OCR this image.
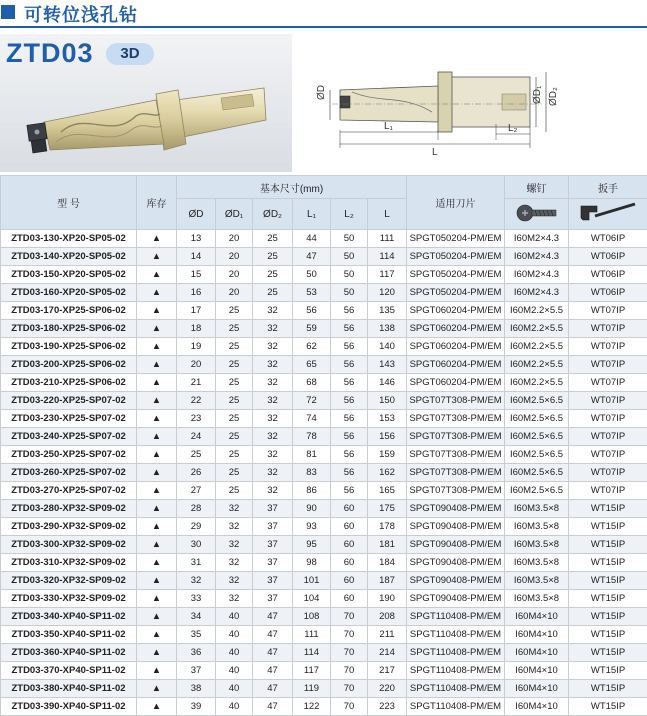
可转位浅孔钻
ZTD03	3D
ØD	ØD₁ ØD₂
L₁	L₂
L
型 号	库存	基本尺寸(mm)						适用刀片	螺钉	扳手
		ØD	ØD₁	ØD₂	L₁	L₂	L		
ZTD03-130-XP20-SP05-02	▲	13	20	25	44	50	111	SPGT050204-PM/EM	I60M2×4.3	WT06IP
ZTD03-140-XP20-SP05-02	▲	14	20	25	47	50	114	SPGT050204-PM/EM	I60M2×4.3	WT06IP
ZTD03-150-XP20-SP05-02	▲	15	20	25	50	50	117	SPGT050204-PM/EM	I60M2×4.3	WT06IP
ZTD03-160-XP20-SP05-02	▲	16	20	25	53	50	120	SPGT050204-PM/EM	I60M2×4.3	WT06IP
ZTD03-170-XP25-SP06-02	▲	17	25	32	56	56	135	SPGT060204-PM/EM	I60M2.2×5.5	WT07IP
ZTD03-180-XP25-SP06-02	▲	18	25	32	59	56	138	SPGT060204-PM/EM	I60M2.2×5.5	WT07IP
ZTD03-190-XP25-SP06-02	▲	19	25	32	62	56	140	SPGT060204-PM/EM	I60M2.2×5.5	WT07IP
ZTD03-200-XP25-SP06-02	▲	20	25	32	65	56	143	SPGT060204-PM/EM	I60M2.2×5.5	WT07IP
ZTD03-210-XP25-SP06-02	▲	21	25	32	68	56	146	SPGT060204-PM/EM	I60M2.2×5.5	WT07IP
ZTD03-220-XP25-SP07-02	▲	22	25	32	72	56	150	SPGT07T308-PM/EM	I60M2.5×6.5	WT07IP
ZTD03-230-XP25-SP07-02	▲	23	25	32	74	56	153	SPGT07T308-PM/EM	I60M2.5×6.5	WT07IP
ZTD03-240-XP25-SP07-02	▲	24	25	32	78	56	156	SPGT07T308-PM/EM	I60M2.5×6.5	WT07IP
ZTD03-250-XP25-SP07-02	▲	25	25	32	81	56	159	SPGT07T308-PM/EM	I60M2.5×6.5	WT07IP
ZTD03-260-XP25-SP07-02	▲	26	25	32	83	56	162	SPGT07T308-PM/EM	I60M2.5×6.5	WT07IP
ZTD03-270-XP25-SP07-02	▲	27	25	32	86	56	165	SPGT07T308-PM/EM	I60M2.5×6.5	WT07IP
ZTD03-280-XP32-SP09-02	▲	28	32	37	90	60	175	SPGT090408-PM/EM	I60M3.5×8	WT15IP
ZTD03-290-XP32-SP09-02	▲	29	32	37	93	60	178	SPGT090408-PM/EM	I60M3.5×8	WT15IP
ZTD03-300-XP32-SP09-02	▲	30	32	37	95	60	181	SPGT090408-PM/EM	I60M3.5×8	WT15IP
ZTD03-310-XP32-SP09-02	▲	31	32	37	98	60	184	SPGT090408-PM/EM	I60M3.5×8	WT15IP
ZTD03-320-XP32-SP09-02	▲	32	32	37	101	60	187	SPGT090408-PM/EM	I60M3.5×8	WT15IP
ZTD03-330-XP32-SP09-02	▲	33	32	37	104	60	190	SPGT090408-PM/EM	I60M3.5×8	WT15IP
ZTD03-340-XP40-SP11-02	▲	34	40	47	108	70	208	SPGT110408-PM/EM	I60M4×10	WT15IP
ZTD03-350-XP40-SP11-02	▲	35	40	47	111	70	211	SPGT110408-PM/EM	I60M4×10	WT15IP
ZTD03-360-XP40-SP11-02	▲	36	40	47	114	70	214	SPGT110408-PM/EM	I60M4×10	WT15IP
ZTD03-370-XP40-SP11-02	▲	37	40	47	117	70	217	SPGT110408-PM/EM	I60M4×10	WT15IP
ZTD03-380-XP40-SP11-02	▲	38	40	47	119	70	220	SPGT110408-PM/EM	I60M4×10	WT15IP
ZTD03-390-XP40-SP11-02	▲	39	40	47	122	70	223	SPGT110408-PM/EM	I60M4×10	WT15IP
